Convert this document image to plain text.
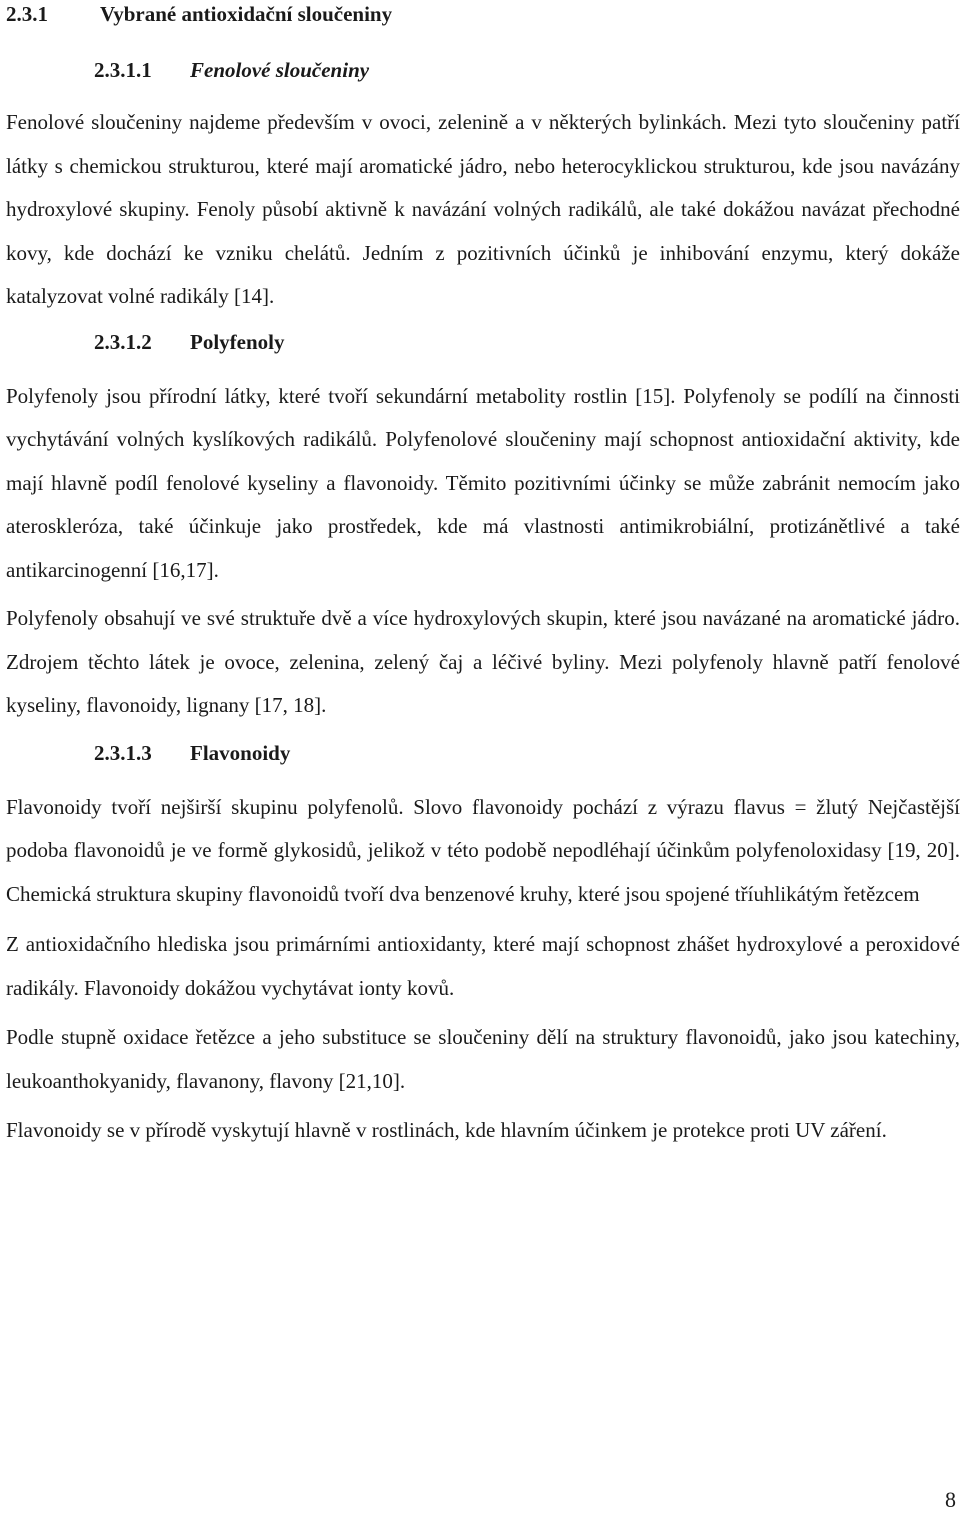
2.3.1 Vybrané antioxidační sloučeniny
2.3.1.1 Fenolové sloučeniny

Fenolové sloučeniny najdeme především v ovoci, zelenině a v některých bylinkách. Mezi tyto sloučeniny patří látky s chemickou strukturou, které mají aromatické jádro, nebo heterocyklickou strukturou, kde jsou navázány hydroxylové skupiny. Fenoly působí aktivně k navázání volných radikálů, ale také dokážou navázat přechodné kovy, kde dochází ke vzniku chelátů. Jedním z pozitivních účinků je inhibování enzymu, který dokáže katalyzovat volné radikály [14].

2.3.1.2 Polyfenoly

Polyfenoly jsou přírodní látky, které tvoří sekundární metabolity rostlin [15]. Polyfenoly se podílí na činnosti vychytávání volných kyslíkových radikálů. Polyfenolové sloučeniny mají schopnost antioxidační aktivity, kde mají hlavně podíl fenolové kyseliny a flavonoidy. Těmito pozitivními účinky se může zabránit nemocím jako ateroskleróza, také účinkuje jako prostředek, kde má vlastnosti antimikrobiální, protizánětlivé a také antikarcinogenní [16,17].

Polyfenoly obsahují ve své struktuře dvě a více hydroxylových skupin, které jsou navázané na aromatické jádro. Zdrojem těchto látek je ovoce, zelenina, zelený čaj a léčivé byliny. Mezi polyfenoly hlavně patří fenolové kyseliny, flavonoidy, lignany [17, 18].

2.3.1.3 Flavonoidy

Flavonoidy tvoří nejširší skupinu polyfenolů. Slovo flavonoidy pochází z výrazu flavus = žlutý Nejčastější podoba flavonoidů je ve formě glykosidů, jelikož v této podobě nepodléhají účinkům polyfenoloxidasy [19, 20]. Chemická struktura skupiny flavonoidů tvoří dva benzenové kruhy, které jsou spojené tříuhlikátým řetězcem

Z antioxidačního hlediska jsou primárními antioxidanty, které mají schopnost zhášet hydroxylové a peroxidové radikály. Flavonoidy dokážou vychytávat ionty kovů.

Podle stupně oxidace řetězce a jeho substituce se sloučeniny dělí na struktury flavonoidů, jako jsou katechiny, leukoanthokyanidy, flavanony, flavony [21,10].

Flavonoidy se v přírodě vyskytují hlavně v rostlinách, kde hlavním účinkem je protekce proti UV záření.

8
